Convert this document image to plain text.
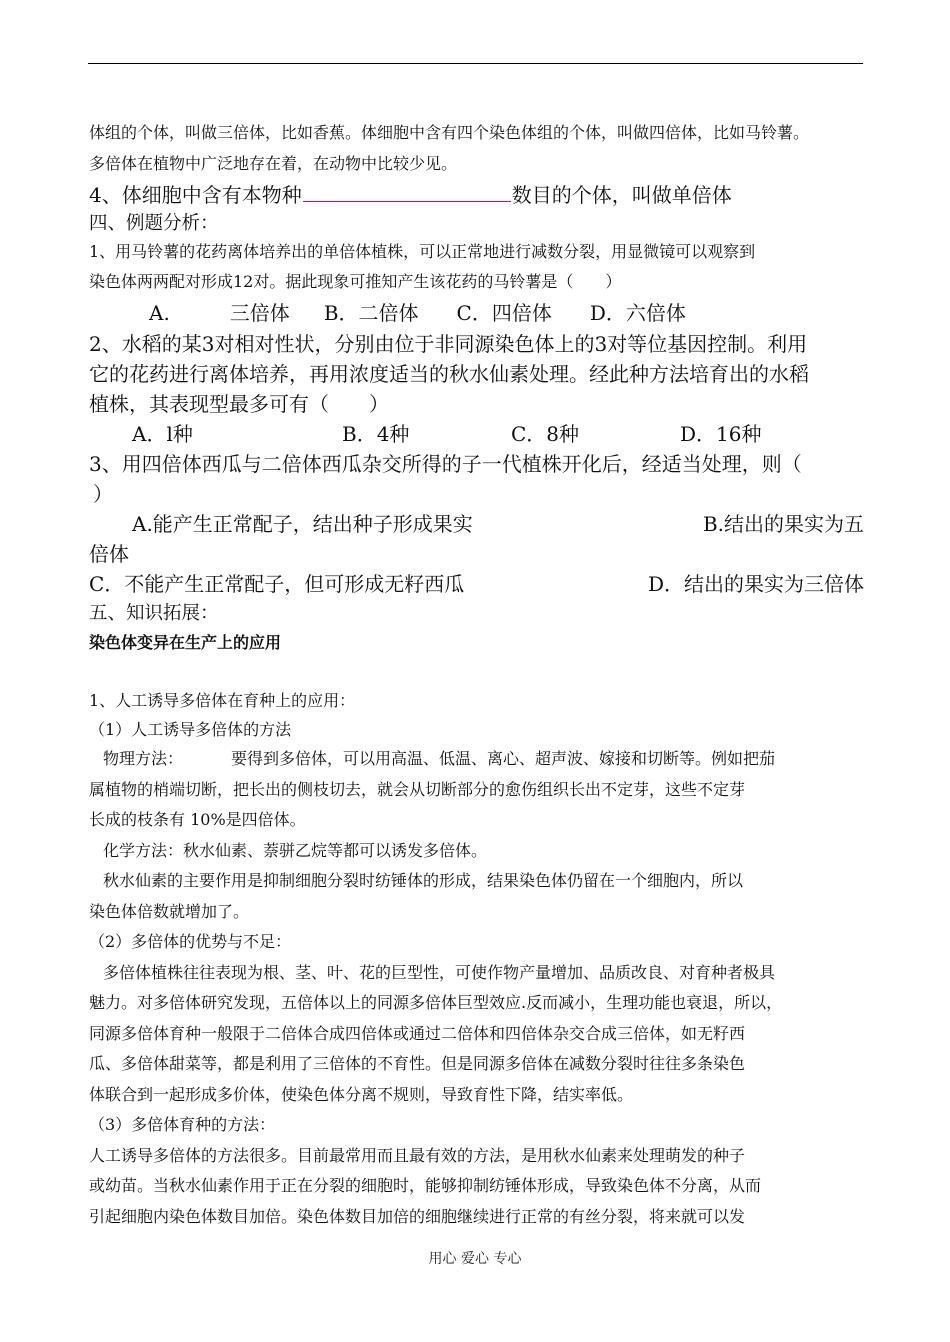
体组的个体，叫做三倍体，比如香蕉。体细胞中含有四个染色体组的个体，叫做四倍体，比如马铃薯。

多倍体在植物中广泛地存在着，在动物中比较少见。

4、体细胞中含有本物种	数目的个体，叫做单倍体

四、例题分析：

1、用马铃薯的花药离体培养出的单倍体植株，可以正常地进行减数分裂，用显微镜可以观察到

染色体两两配对形成12对。据此现象可推知产生该花药的马铃薯是（　　）

A.　　　三倍体 B．二倍体 C．四倍体 D．六倍体

2、水稻的某3对相对性状，分别由位于非同源染色体上的3对等位基因控制。利用

它的花药进行离体培养，再用浓度适当的秋水仙素处理。经此种方法培育出的水稻

植株，其表现型最多可有（　　）

A．l种	B．4种	C．8种	D．16种

3、用四倍体西瓜与二倍体西瓜杂交所得的子一代植株开化后，经适当处理，则（

）

A.能产生正常配子，结出种子形成果实	B.结出的果实为五

倍体

C．不能产生正常配子，但可形成无籽西瓜	D．结出的果实为三倍体

五、知识拓展：

染色体变异在生产上的应用

1、人工诱导多倍体在育种上的应用：

（1）人工诱导多倍体的方法

物理方法：	要得到多倍体，可以用高温、低温、离心、超声波、嫁接和切断等。例如把茄

属植物的梢端切断，把长出的侧枝切去，就会从切断部分的愈伤组织长出不定芽，这些不定芽

长成的枝条有 10%是四倍体。

化学方法：秋水仙素、萘骈乙烷等都可以诱发多倍体。

秋水仙素的主要作用是抑制细胞分裂时纺锤体的形成，结果染色体仍留在一个细胞内，所以

染色体倍数就增加了。

（2）多倍体的优势与不足：

多倍体植株往往表现为根、茎、叶、花的巨型性，可使作物产量增加、品质改良、对育种者极具

魅力。对多倍体研究发现，五倍体以上的同源多倍体巨型效应.反而减小，生理功能也衰退，所以，

同源多倍体育种一般限于二倍体合成四倍体或通过二倍体和四倍体杂交合成三倍体，如无籽西

瓜、多倍体甜菜等，都是利用了三倍体的不育性。但是同源多倍体在减数分裂时往往多条染色

体联合到一起形成多价体，使染色体分离不规则，导致育性下降，结实率低。

（3）多倍体育种的方法：

人工诱导多倍体的方法很多。目前最常用而且最有效的方法，是用秋水仙素来处理萌发的种子

或幼苗。当秋水仙素作用于正在分裂的细胞时，能够抑制纺锤体形成，导致染色体不分离，从而

引起细胞内染色体数目加倍。染色体数目加倍的细胞继续进行正常的有丝分裂，将来就可以发

用心 爱心 专心
